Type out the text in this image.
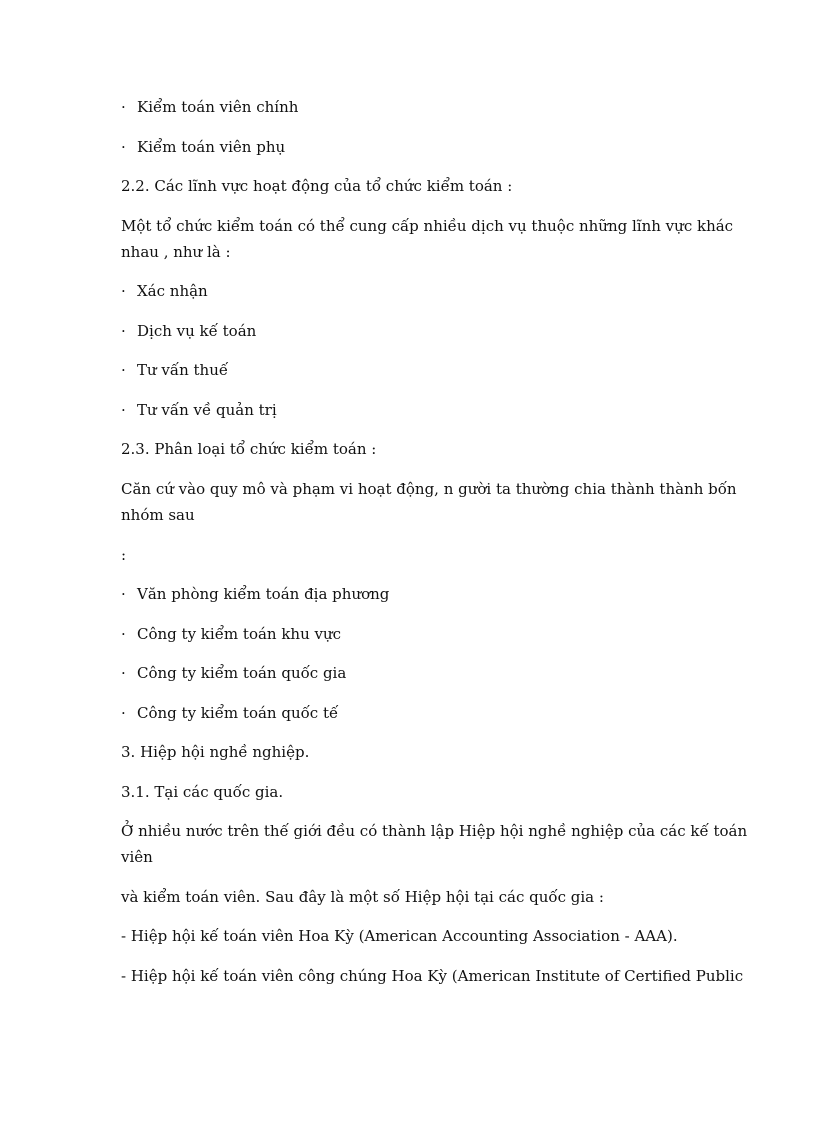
· Kiểm toán viên chính
· Kiểm toán viên phụ
2.2. Các lĩnh vực hoạt động của tổ chức kiểm toán :
Một tổ chức kiểm toán có thể cung cấp nhiều dịch vụ thuộc những lĩnh vực khác
nhau , như là :
· Xác nhận
· Dịch vụ kế toán
· Tư vấn thuế
· Tư vấn về quản trị
2.3. Phân loại tổ chức kiểm toán :
Căn cứ vào quy mô và phạm vi hoạt động, n gười ta thường chia thành thành bốn
nhóm sau
:
· Văn phòng kiểm toán địa phương
· Công ty kiểm toán khu vực
· Công ty kiểm toán quốc gia
· Công ty kiểm toán quốc tế
3. Hiệp hội nghề nghiệp.
3.1. Tại các quốc gia.
Ở nhiều nước trên thế giới đều có thành lập Hiệp hội nghề nghiệp của các kế toán
viên
và kiểm toán viên. Sau đây là một số Hiệp hội tại các quốc gia :
- Hiệp hội kế toán viên Hoa Kỳ (American Accounting Association - AAA).
- Hiệp hội kế toán viên công chúng Hoa Kỳ (American Institute of Certified Public
